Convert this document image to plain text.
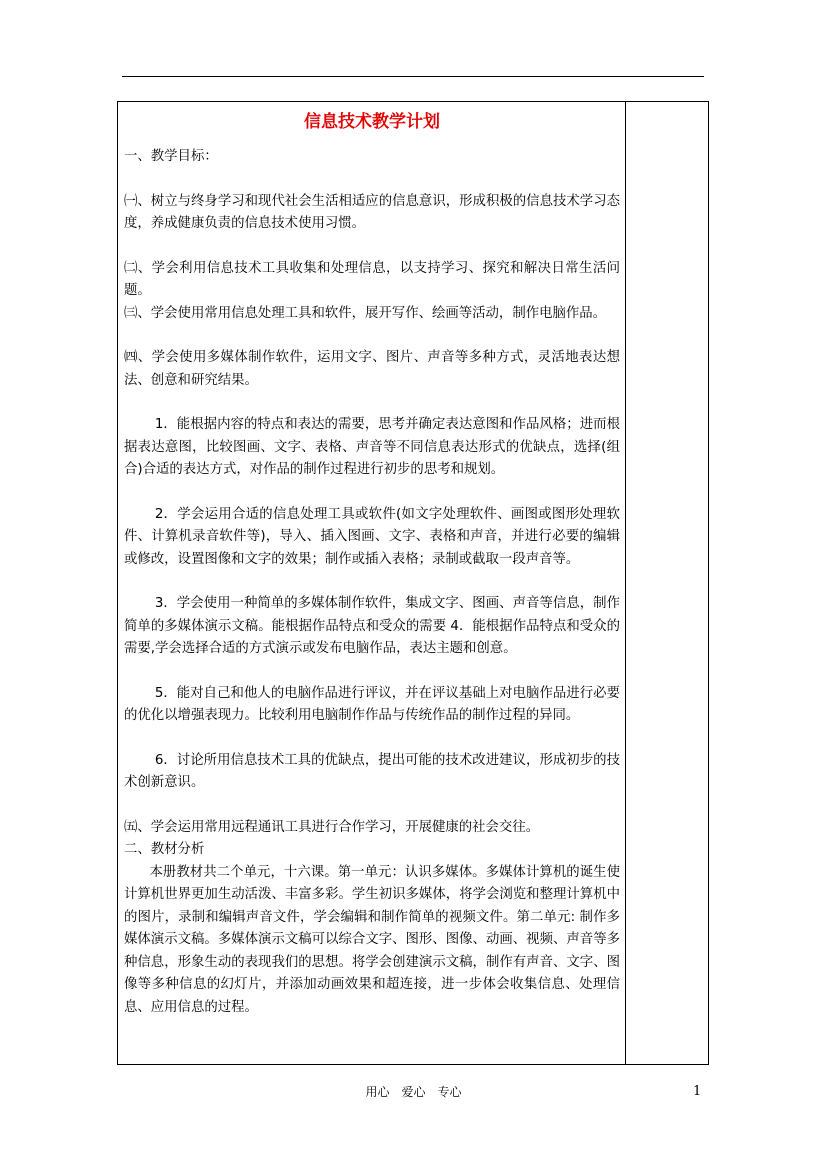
信息技术教学计划

一、教学目标：

㈠、树立与终身学习和现代社会生活相适应的信息意识，形成积极的信息技术学习态度，养成健康负责的信息技术使用习惯。

㈡、学会利用信息技术工具收集和处理信息，以支持学习、探究和解决日常生活问题。

㈢、学会使用常用信息处理工具和软件，展开写作、绘画等活动，制作电脑作品。

㈣、学会使用多媒体制作软件，运用文字、图片、声音等多种方式，灵活地表达想法、创意和研究结果。

1．能根据内容的特点和表达的需要，思考并确定表达意图和作品风格；进而根据表达意图，比较图画、文字、表格、声音等不同信息表达形式的优缺点，选择(组合)合适的表达方式，对作品的制作过程进行初步的思考和规划。

2．学会运用合适的信息处理工具或软件(如文字处理软件、画图或图形处理软件、计算机录音软件等)，导入、插入图画、文字、表格和声音，并进行必要的编辑或修改，设置图像和文字的效果；制作或插入表格；录制或截取一段声音等。

3．学会使用一种简单的多媒体制作软件，集成文字、图画、声音等信息，制作简单的多媒体演示文稿。能根据作品特点和受众的需要 4．能根据作品特点和受众的需要,学会选择合适的方式演示或发布电脑作品，表达主题和创意。

5．能对自己和他人的电脑作品进行评议，并在评议基础上对电脑作品进行必要的优化以增强表现力。比较利用电脑制作作品与传统作品的制作过程的异同。

6．讨论所用信息技术工具的优缺点，提出可能的技术改进建议，形成初步的技术创新意识。

㈤、学会运用常用远程通讯工具进行合作学习，开展健康的社会交往。

二、教材分析

本册教材共二个单元，十六课。第一单元：认识多媒体。多媒体计算机的诞生使计算机世界更加生动活泼、丰富多彩。学生初识多媒体，将学会浏览和整理计算机中的图片，录制和编辑声音文件，学会编辑和制作简单的视频文件。第二单元: 制作多媒体演示文稿。多媒体演示文稿可以综合文字、图形、图像、动画、视频、声音等多种信息，形象生动的表现我们的思想。将学会创建演示文稿，制作有声音、文字、图像等多种信息的幻灯片，并添加动画效果和超连接，进一步体会收集信息、处理信息、应用信息的过程。

用心　爱心　专心	1
